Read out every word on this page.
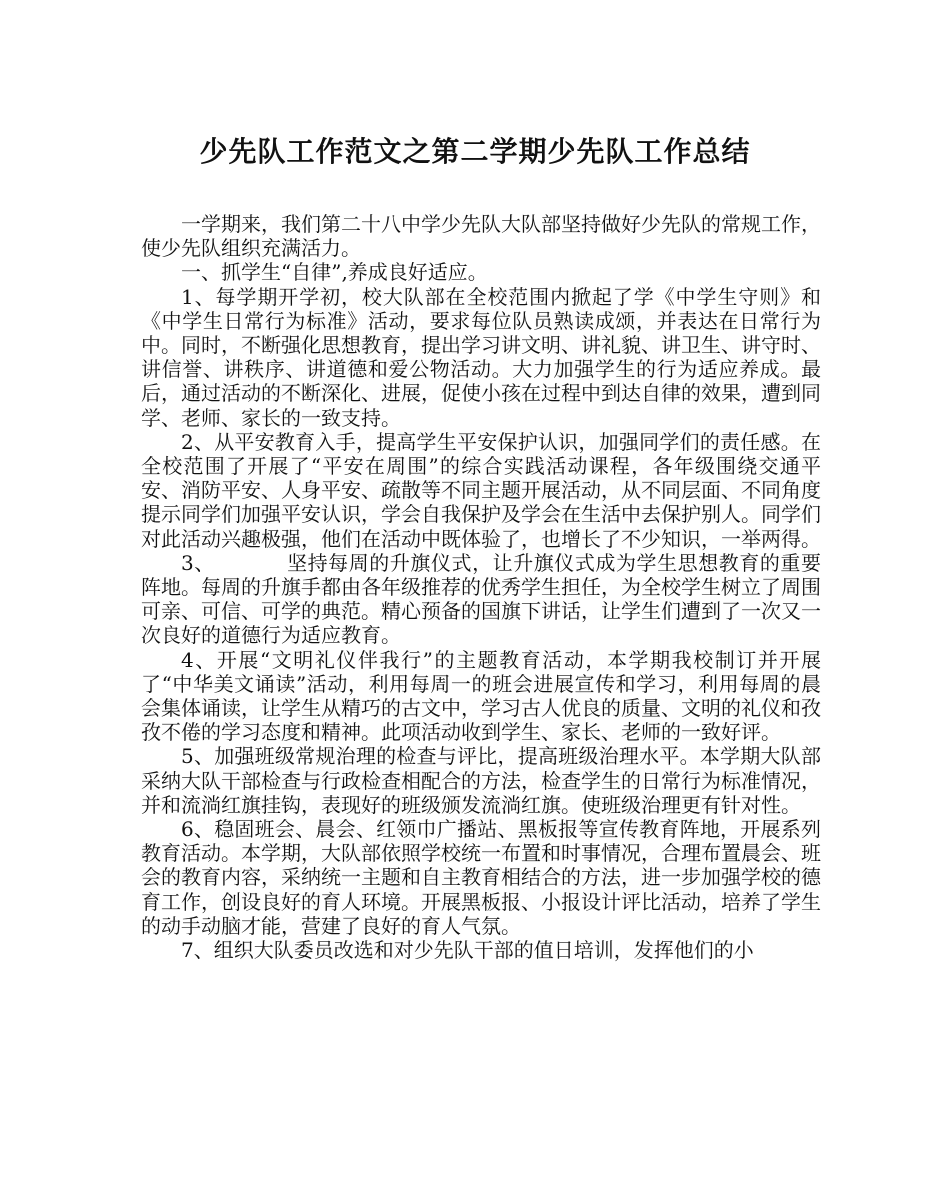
少先队工作范文之第二学期少先队工作总结

一学期来，我们第二十八中学少先队大队部坚持做好少先队的常规工作，使少先队组织充满活力。

一、抓学生“自律”,养成良好适应。

1、每学期开学初，校大队部在全校范围内掀起了学《中学生守则》和《中学生日常行为标准》活动，要求每位队员熟读成颂，并表达在日常行为中。同时，不断强化思想教育，提出学习讲文明、讲礼貌、讲卫生、讲守时、讲信誉、讲秩序、讲道德和爱公物活动。大力加强学生的行为适应养成。最后，通过活动的不断深化、进展，促使小孩在过程中到达自律的效果，遭到同学、老师、家长的一致支持。

2、从平安教育入手，提高学生平安保护认识，加强同学们的责任感。在全校范围了开展了“平安在周围”的综合实践活动课程，各年级围绕交通平安、消防平安、人身平安、疏散等不同主题开展活动，从不同层面、不同角度提示同学们加强平安认识，学会自我保护及学会在生活中去保护别人。同学们对此活动兴趣极强，他们在活动中既体验了，也增长了不少知识，一举两得。

3、　　　　坚持每周的升旗仪式，让升旗仪式成为学生思想教育的重要阵地。每周的升旗手都由各年级推荐的优秀学生担任，为全校学生树立了周围可亲、可信、可学的典范。精心预备的国旗下讲话，让学生们遭到了一次又一次良好的道德行为适应教育。

4、开展“文明礼仪伴我行”的主题教育活动，本学期我校制订并开展了“中华美文诵读”活动，利用每周一的班会进展宣传和学习，利用每周的晨会集体诵读，让学生从精巧的古文中，学习古人优良的质量、文明的礼仪和孜孜不倦的学习态度和精神。此项活动收到学生、家长、老师的一致好评。

5、加强班级常规治理的检查与评比，提高班级治理水平。本学期大队部采纳大队干部检查与行政检查相配合的方法，检查学生的日常行为标准情况，并和流淌红旗挂钩，表现好的班级颁发流淌红旗。使班级治理更有针对性。

6、稳固班会、晨会、红领巾广播站、黑板报等宣传教育阵地，开展系列教育活动。本学期，大队部依照学校统一布置和时事情况，合理布置晨会、班会的教育内容，采纳统一主题和自主教育相结合的方法，进一步加强学校的德育工作，创设良好的育人环境。开展黑板报、小报设计评比活动，培养了学生的动手动脑才能，营建了良好的育人气氛。

7、组织大队委员改选和对少先队干部的值日培训，发挥他们的小
